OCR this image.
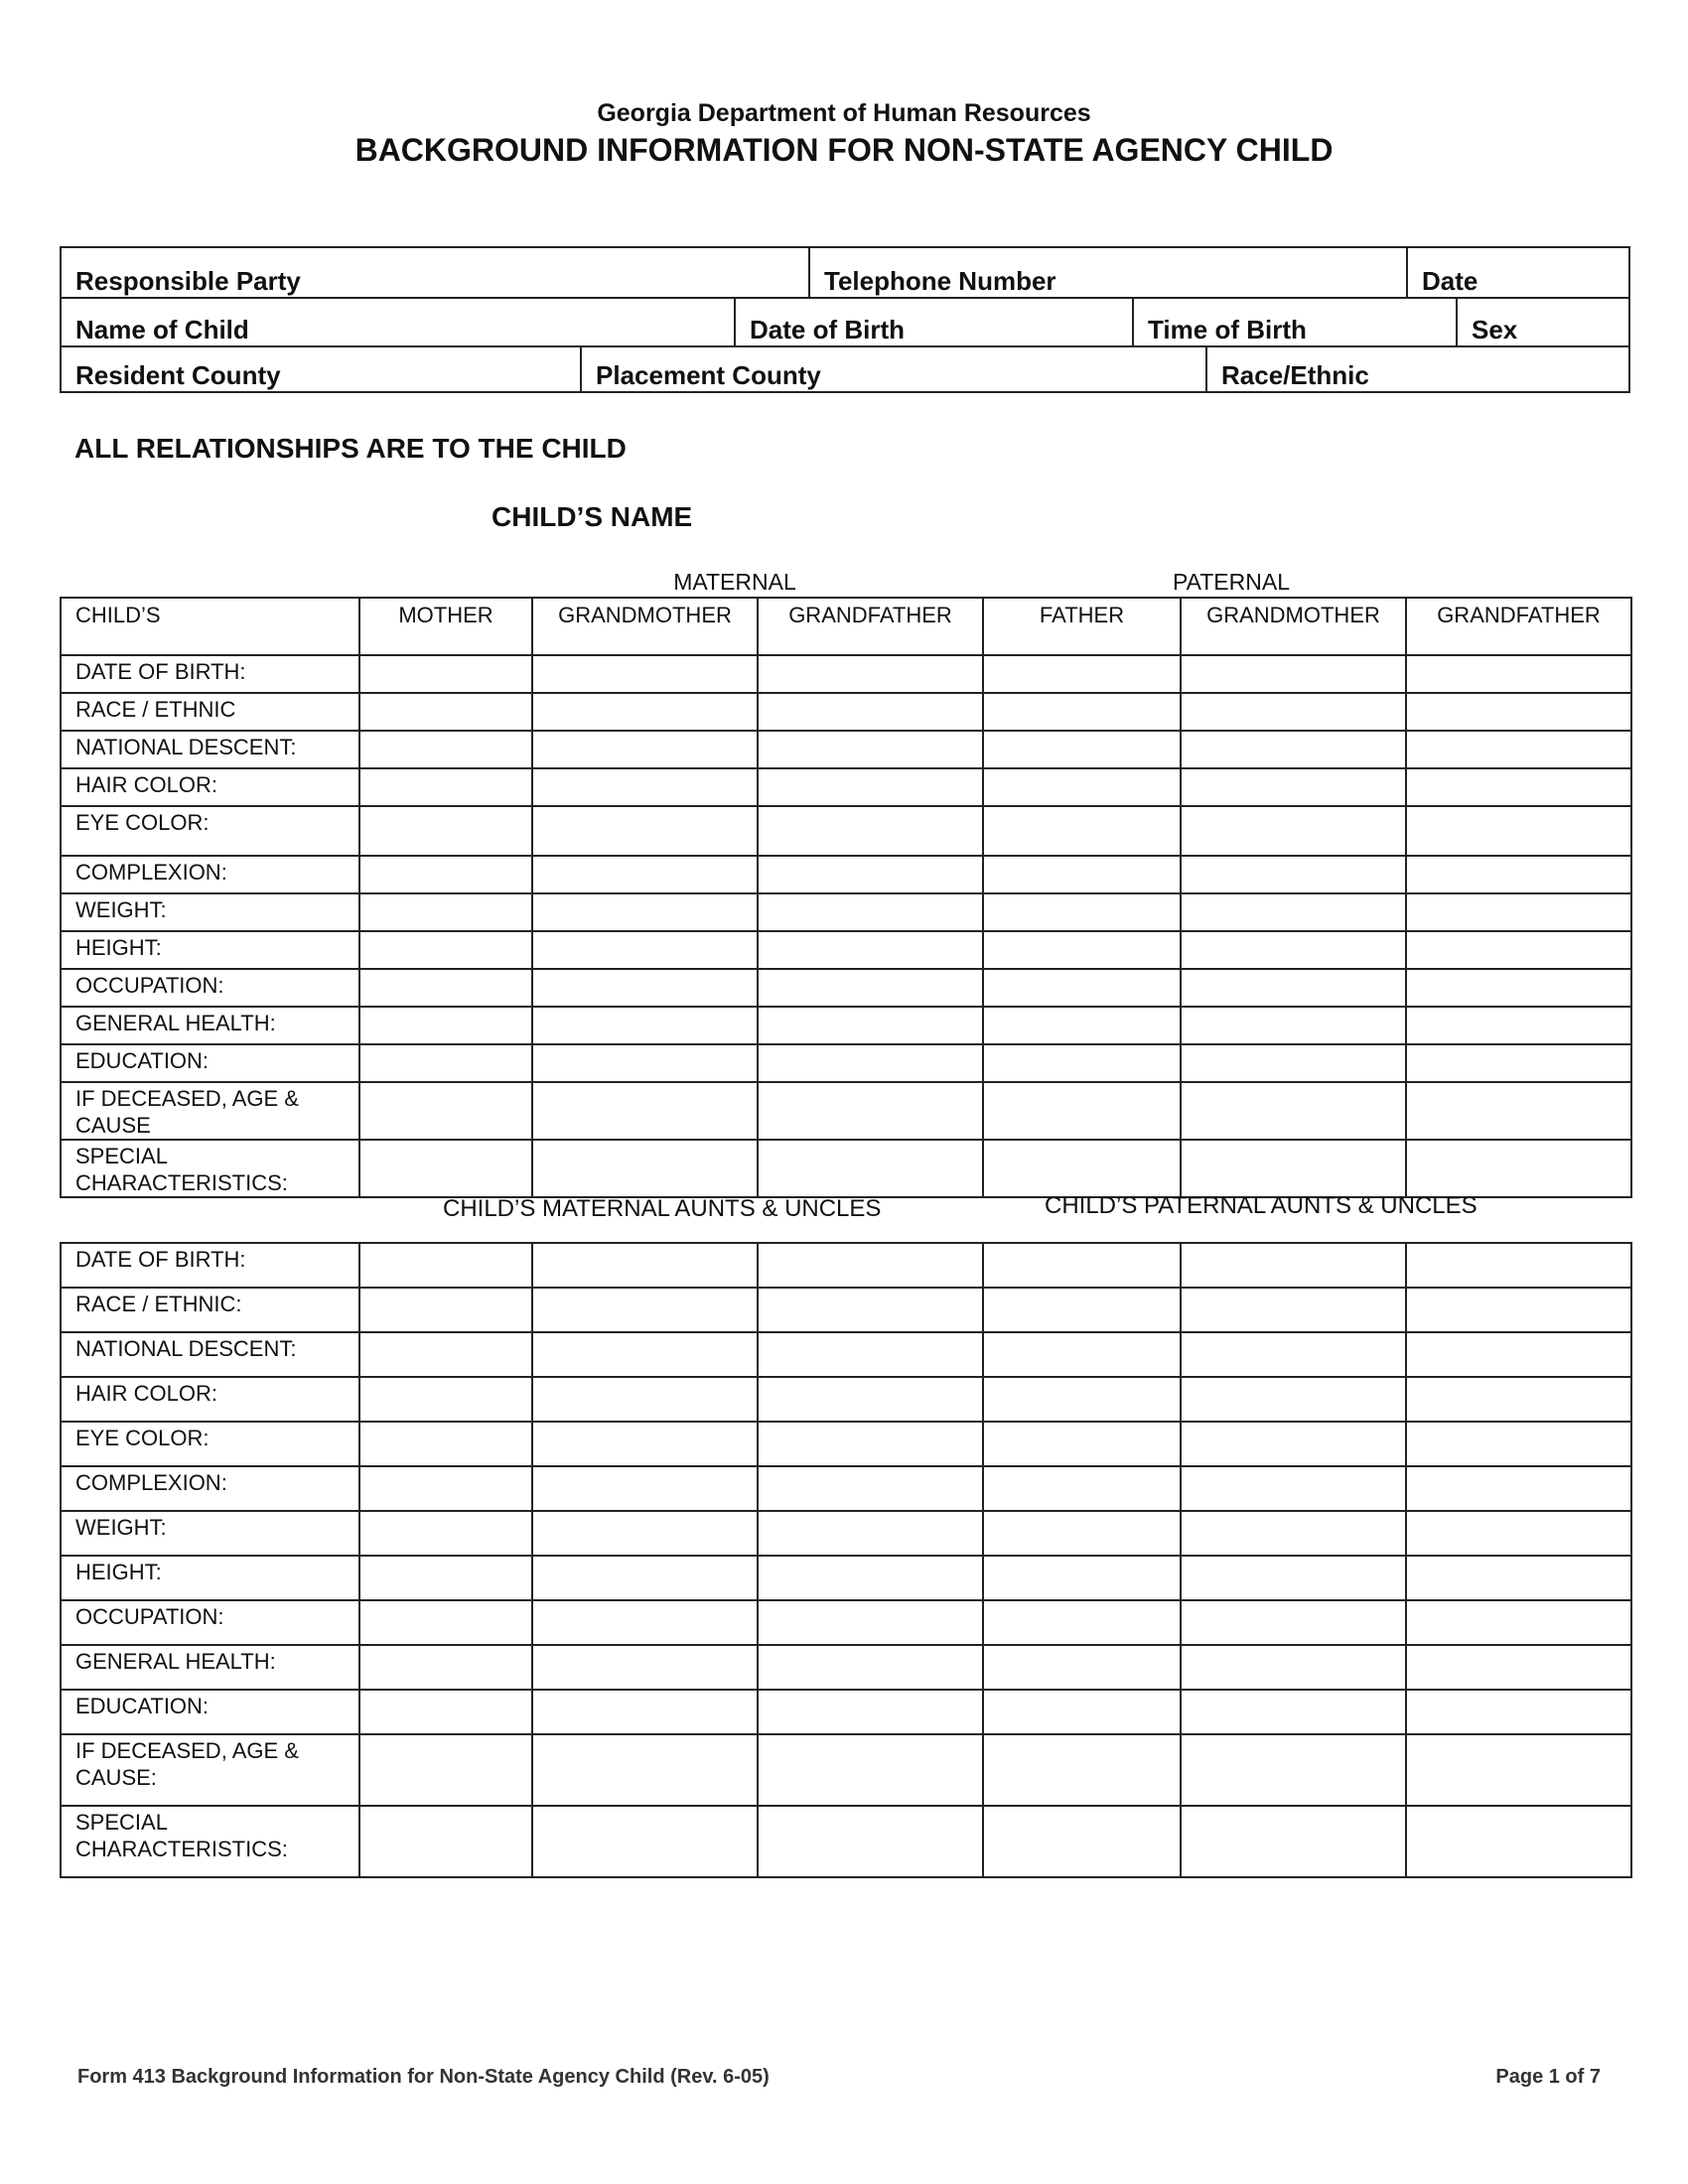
Georgia Department of Human Resources
BACKGROUND INFORMATION FOR NON-STATE AGENCY CHILD
Responsible Party	Telephone Number	Date
Name of Child	Date of Birth	Time of Birth	Sex
Resident County	Placement County	Race/Ethnic
ALL RELATIONSHIPS ARE TO THE CHILD
CHILD’S NAME
MATERNAL	PATERNAL
CHILD’S	MOTHER	GRANDMOTHER	GRANDFATHER	FATHER	GRANDMOTHER	GRANDFATHER
DATE OF BIRTH:						
RACE / ETHNIC						
NATIONAL DESCENT:						
HAIR COLOR:						
EYE COLOR:						
COMPLEXION:						
WEIGHT:						
HEIGHT:						
OCCUPATION:						
GENERAL HEALTH:						
EDUCATION:						
IF DECEASED, AGE & CAUSE						
SPECIAL CHARACTERISTICS:						
CHILD’S MATERNAL AUNTS & UNCLES	CHILD’S PATERNAL AUNTS & UNCLES
DATE OF BIRTH:						
RACE / ETHNIC:						
NATIONAL DESCENT:						
HAIR COLOR:						
EYE COLOR:						
COMPLEXION:						
WEIGHT:						
HEIGHT:						
OCCUPATION:						
GENERAL HEALTH:						
EDUCATION:						
IF DECEASED, AGE & CAUSE:						
SPECIAL CHARACTERISTICS:						
Form 413 Background Information for Non-State Agency Child (Rev. 6-05)	Page 1 of 7
